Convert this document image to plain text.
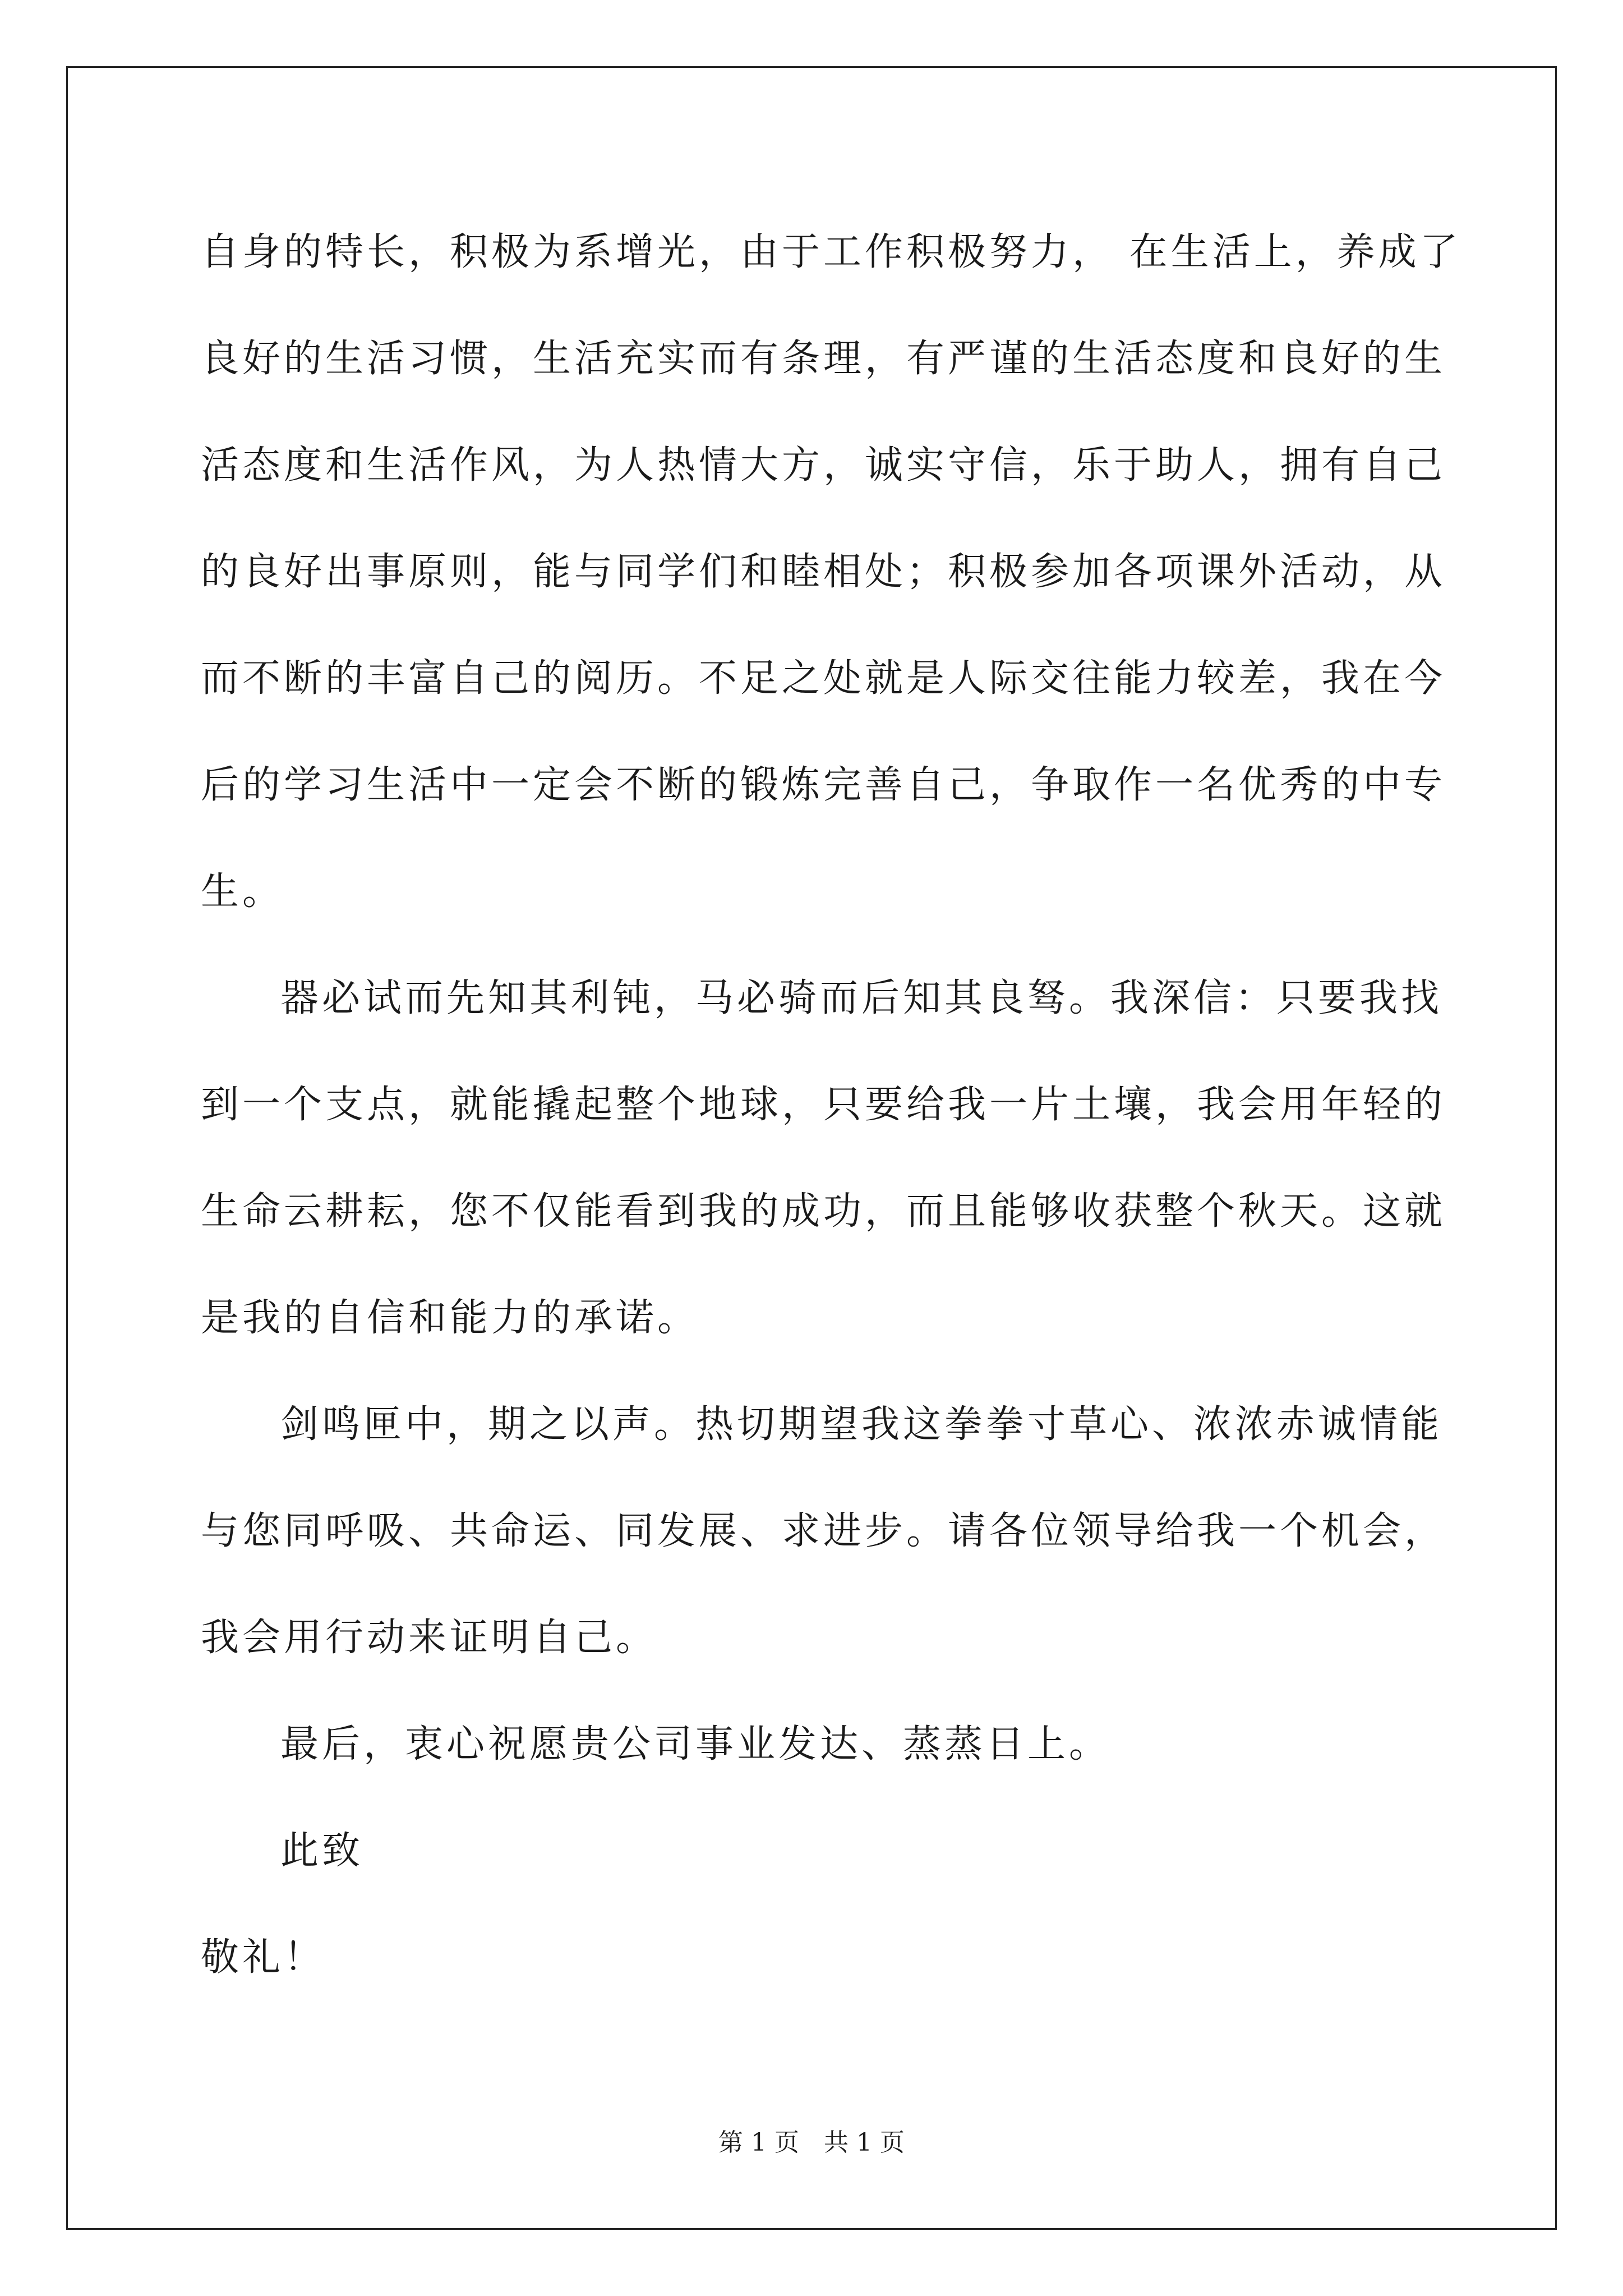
自身的特长，积极为系增光，由于工作积极努力， 在生活上，养成了
良好的生活习惯，生活充实而有条理，有严谨的生活态度和良好的生
活态度和生活作风，为人热情大方，诚实守信，乐于助人，拥有自己
的良好出事原则，能与同学们和睦相处；积极参加各项课外活动，从
而不断的丰富自己的阅历。不足之处就是人际交往能力较差，我在今
后的学习生活中一定会不断的锻炼完善自己，争取作一名优秀的中专
生。
器必试而先知其利钝，马必骑而后知其良驽。我深信：只要我找
到一个支点，就能撬起整个地球，只要给我一片土壤，我会用年轻的
生命云耕耘，您不仅能看到我的成功，而且能够收获整个秋天。这就
是我的自信和能力的承诺。
剑鸣匣中，期之以声。热切期望我这拳拳寸草心、浓浓赤诚情能
与您同呼吸、共命运、同发展、求进步。请各位领导给我一个机会，
我会用行动来证明自己。
最后，衷心祝愿贵公司事业发达、蒸蒸日上。
此致
敬礼！
第 1 页　共 1 页
